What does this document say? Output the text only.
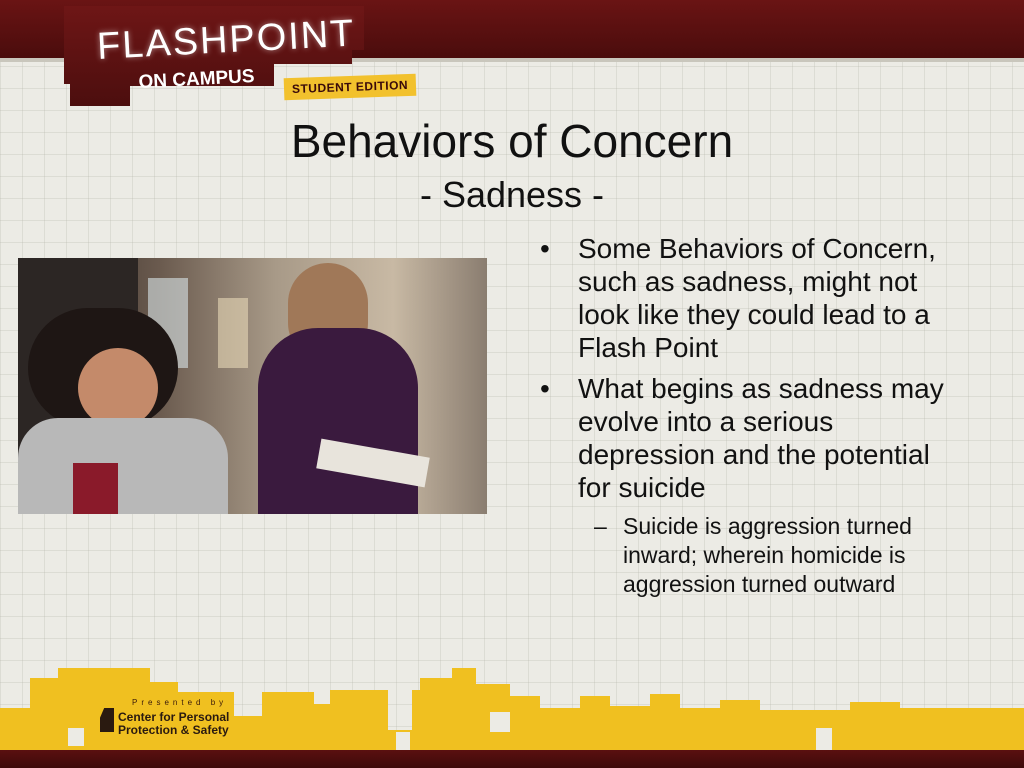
FLASHPOINT
ON CAMPUS	STUDENT EDITION
Behaviors of Concern
- Sadness -
• Some Behaviors of Concern, such as sadness, might not look like they could lead to a Flash Point
• What begins as sadness may evolve into a serious depression and the potential for suicide
– Suicide is aggression turned inward; wherein homicide is aggression turned outward
Presented by
Center for Personal
Protection & Safety
